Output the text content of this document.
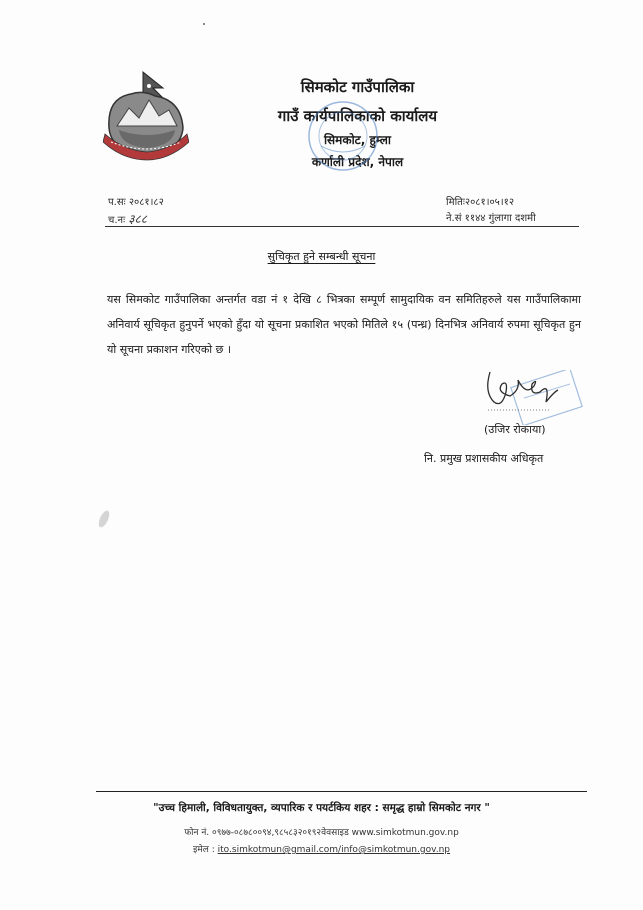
सिमकोट गाउँपालिका
गाउँ कार्यपालिकाको कार्यालय
सिमकोट, हुम्ला
कर्णाली प्रदेश, नेपाल
प.सः २०८१।८२
च.नः ३८८
मितिः२०८१।०५।१२
ने.सं ११४४ गुंलागा दशमी
सुचिकृत हुने सम्बन्धी सूचना
यस सिमकोट गाउँपालिका अन्तर्गत वडा नं १ देखि ८ भित्रका सम्पूर्ण सामुदायिक वन समितिहरुले यस गाउँपालिकामा अनिवार्य सूचिकृत हुनुपर्ने भएको हुँदा यो सूचना प्रकाशित भएको मितिले १५ (पन्ध्र) दिनभित्र अनिवार्य रुपमा सूचिकृत हुन यो सूचना प्रकाशन गरिएको छ ।
(उजिर रोकाया)
नि. प्रमुख प्रशासकीय अधिकृत
"उच्च हिमाली, विविधतायुक्त, व्यपारिक र पयर्टकिय शहर : समृद्ध हाम्रो सिमकोट नगर "
फोन नं. ०९७७-०८७८००९४,९८५८३२०१९२वेवसाइड www.simkotmun.gov.np
इमेल : ito.simkotmun@gmail.com/info@simkotmun.gov.np
